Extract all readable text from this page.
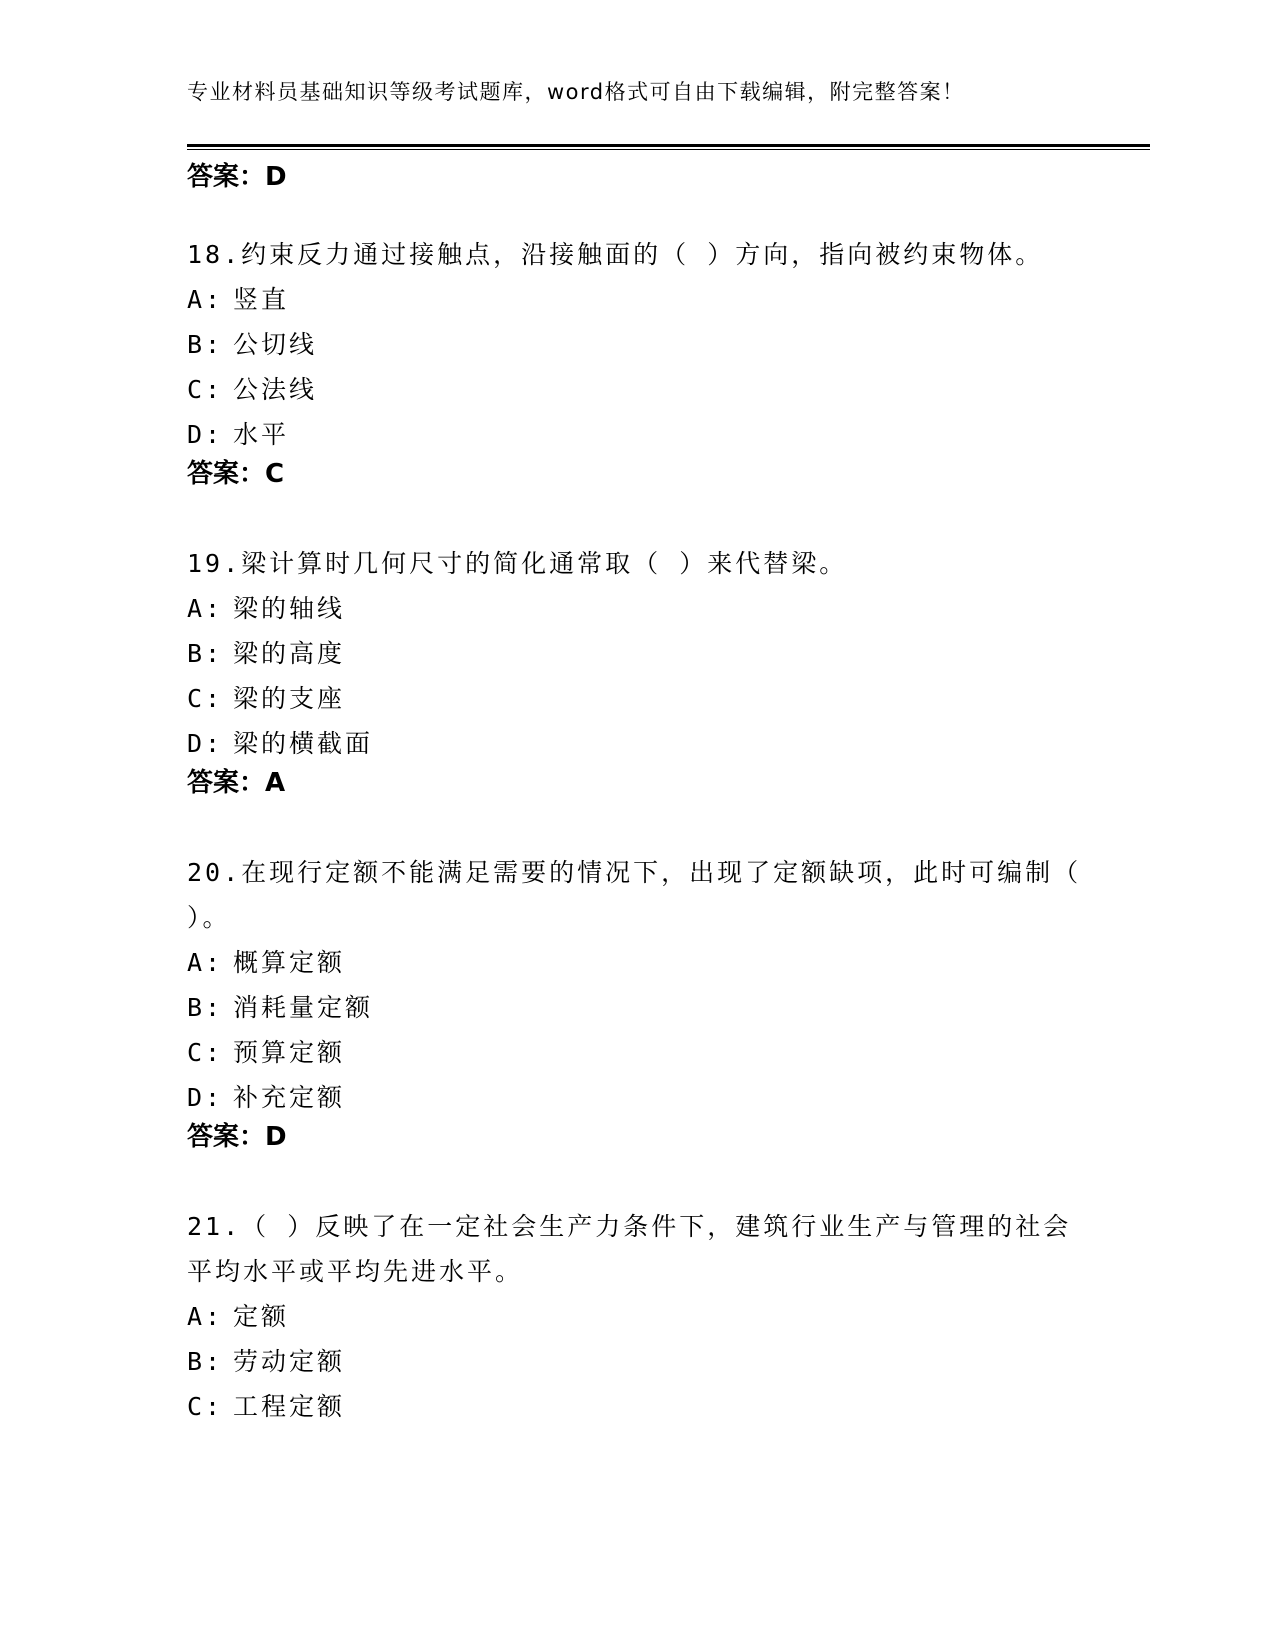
专业材料员基础知识等级考试题库，word格式可自由下载编辑，附完整答案！
答案：D
18.约束反力通过接触点，沿接触面的（ ）方向，指向被约束物体。
A: 竖直
B: 公切线
C: 公法线
D: 水平
答案：C
19.梁计算时几何尺寸的简化通常取（ ）来代替梁。
A: 梁的轴线
B: 梁的高度
C: 梁的支座
D: 梁的横截面
答案：A
20.在现行定额不能满足需要的情况下，出现了定额缺项，此时可编制（ ）。
A: 概算定额
B: 消耗量定额
C: 预算定额
D: 补充定额
答案：D
21.（ ）反映了在一定社会生产力条件下，建筑行业生产与管理的社会平均水平或平均先进水平。
A: 定额
B: 劳动定额
C: 工程定额
